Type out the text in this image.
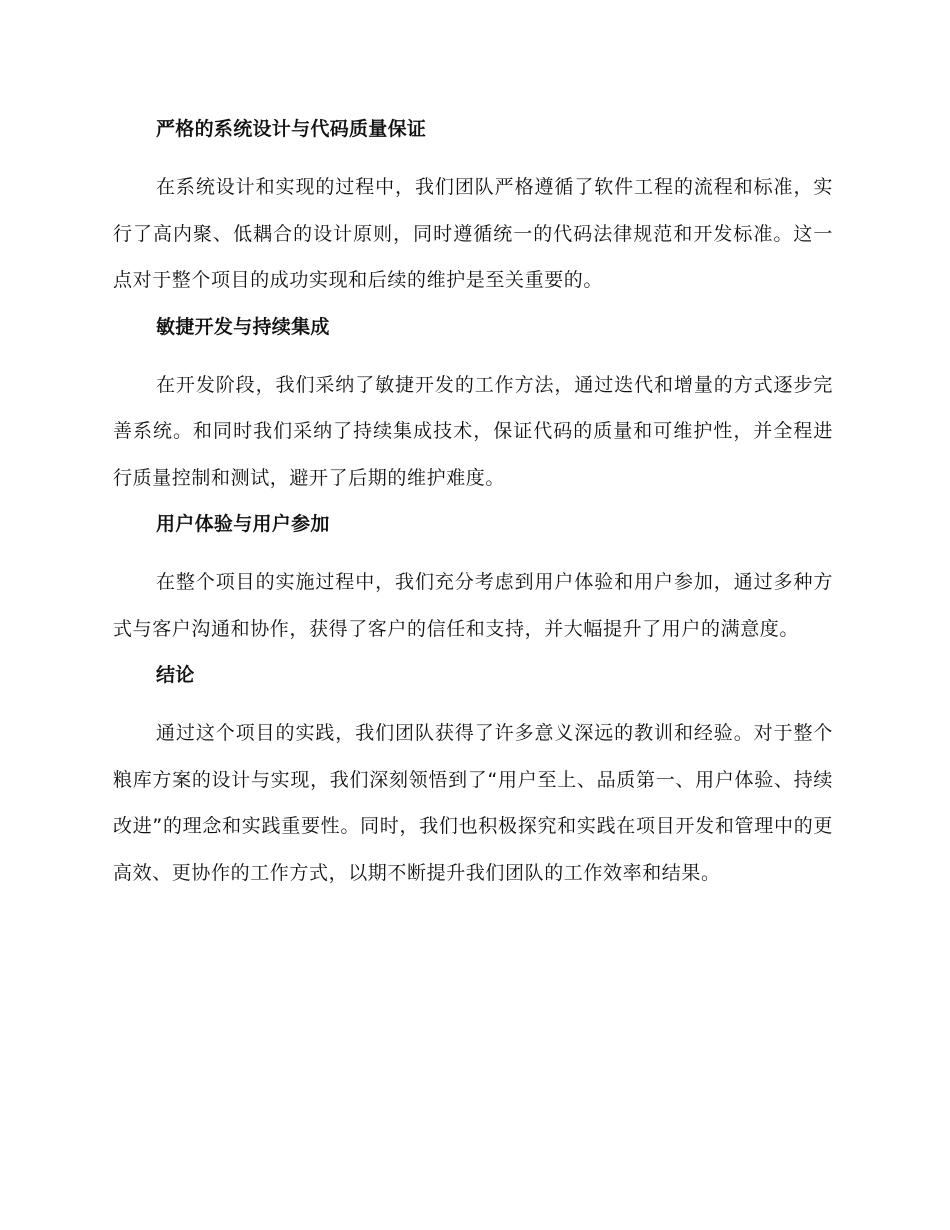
严格的系统设计与代码质量保证

在系统设计和实现的过程中，我们团队严格遵循了软件工程的流程和标准，实行了高内聚、低耦合的设计原则，同时遵循统一的代码法律规范和开发标准。这一点对于整个项目的成功实现和后续的维护是至关重要的。

敏捷开发与持续集成

在开发阶段，我们采纳了敏捷开发的工作方法，通过迭代和增量的方式逐步完善系统。和同时我们采纳了持续集成技术，保证代码的质量和可维护性，并全程进行质量控制和测试，避开了后期的维护难度。

用户体验与用户参加

在整个项目的实施过程中，我们充分考虑到用户体验和用户参加，通过多种方式与客户沟通和协作，获得了客户的信任和支持，并大幅提升了用户的满意度。

结论

通过这个项目的实践，我们团队获得了许多意义深远的教训和经验。对于整个粮库方案的设计与实现，我们深刻领悟到了“用户至上、品质第一、用户体验、持续改进”的理念和实践重要性。同时，我们也积极探究和实践在项目开发和管理中的更高效、更协作的工作方式，以期不断提升我们团队的工作效率和结果。
